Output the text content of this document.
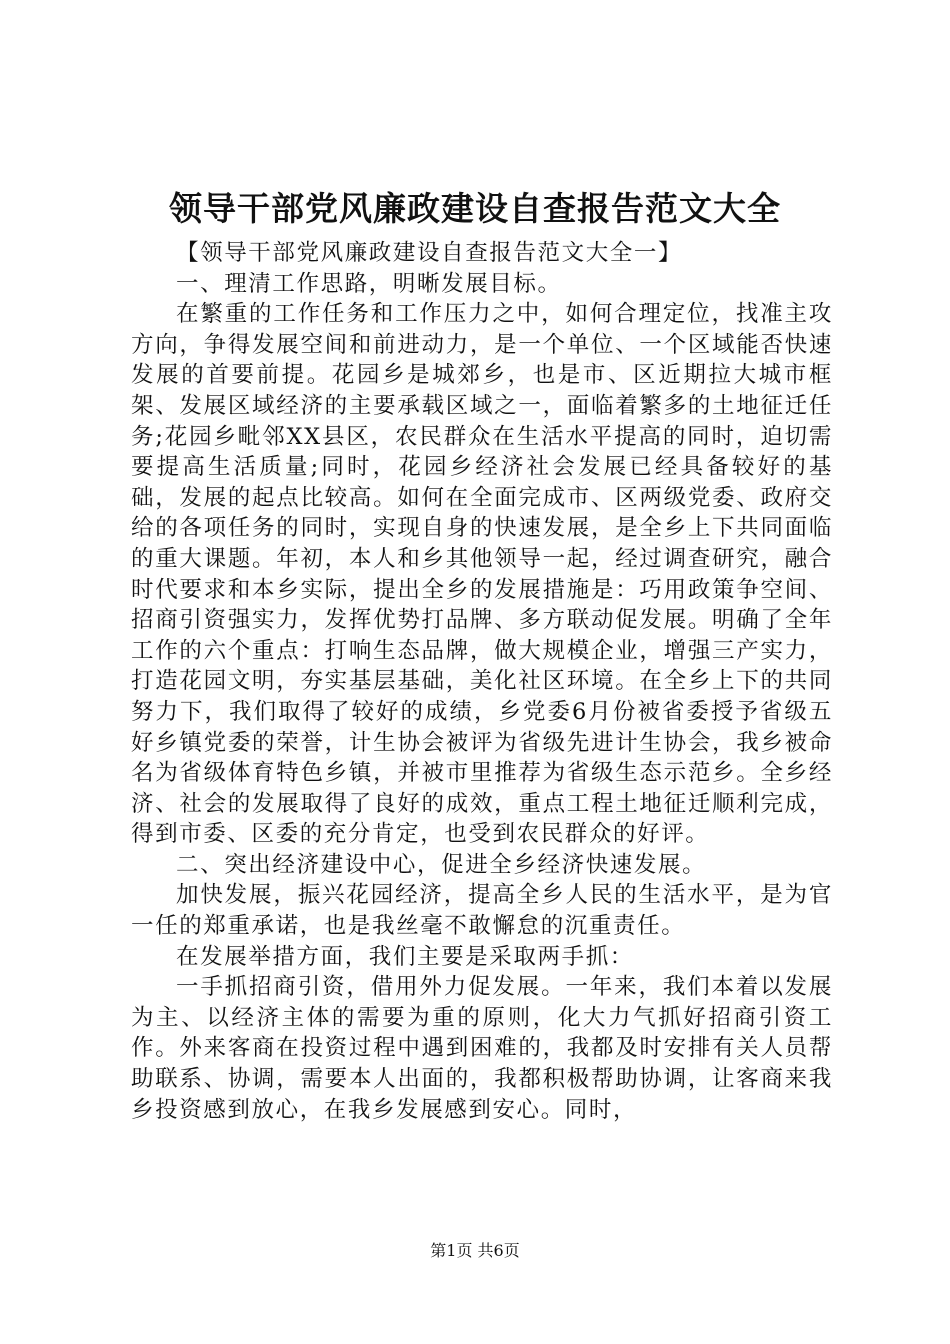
领导干部党风廉政建设自查报告范文大全

【领导干部党风廉政建设自查报告范文大全一】

一、理清工作思路，明晰发展目标。

在繁重的工作任务和工作压力之中，如何合理定位，找准主攻方向，争得发展空间和前进动力，是一个单位、一个区域能否快速发展的首要前提。花园乡是城郊乡，也是市、区近期拉大城市框架、发展区域经济的主要承载区域之一，面临着繁多的土地征迁任务;花园乡毗邻XX县区，农民群众在生活水平提高的同时，迫切需要提高生活质量;同时，花园乡经济社会发展已经具备较好的基础，发展的起点比较高。如何在全面完成市、区两级党委、政府交给的各项任务的同时，实现自身的快速发展，是全乡上下共同面临的重大课题。年初，本人和乡其他领导一起，经过调查研究，融合时代要求和本乡实际，提出全乡的发展措施是：巧用政策争空间、招商引资强实力，发挥优势打品牌、多方联动促发展。明确了全年工作的六个重点：打响生态品牌，做大规模企业，增强三产实力，打造花园文明，夯实基层基础，美化社区环境。在全乡上下的共同努力下，我们取得了较好的成绩，乡党委6月份被省委授予省级五好乡镇党委的荣誉，计生协会被评为省级先进计生协会，我乡被命名为省级体育特色乡镇，并被市里推荐为省级生态示范乡。全乡经济、社会的发展取得了良好的成效，重点工程土地征迁顺利完成，得到市委、区委的充分肯定，也受到农民群众的好评。

二、突出经济建设中心，促进全乡经济快速发展。

加快发展，振兴花园经济，提高全乡人民的生活水平，是为官一任的郑重承诺，也是我丝毫不敢懈怠的沉重责任。

在发展举措方面，我们主要是采取两手抓：

一手抓招商引资，借用外力促发展。一年来，我们本着以发展为主、以经济主体的需要为重的原则，化大力气抓好招商引资工作。外来客商在投资过程中遇到困难的，我都及时安排有关人员帮助联系、协调，需要本人出面的，我都积极帮助协调，让客商来我乡投资感到放心，在我乡发展感到安心。同时，

第1页 共6页
